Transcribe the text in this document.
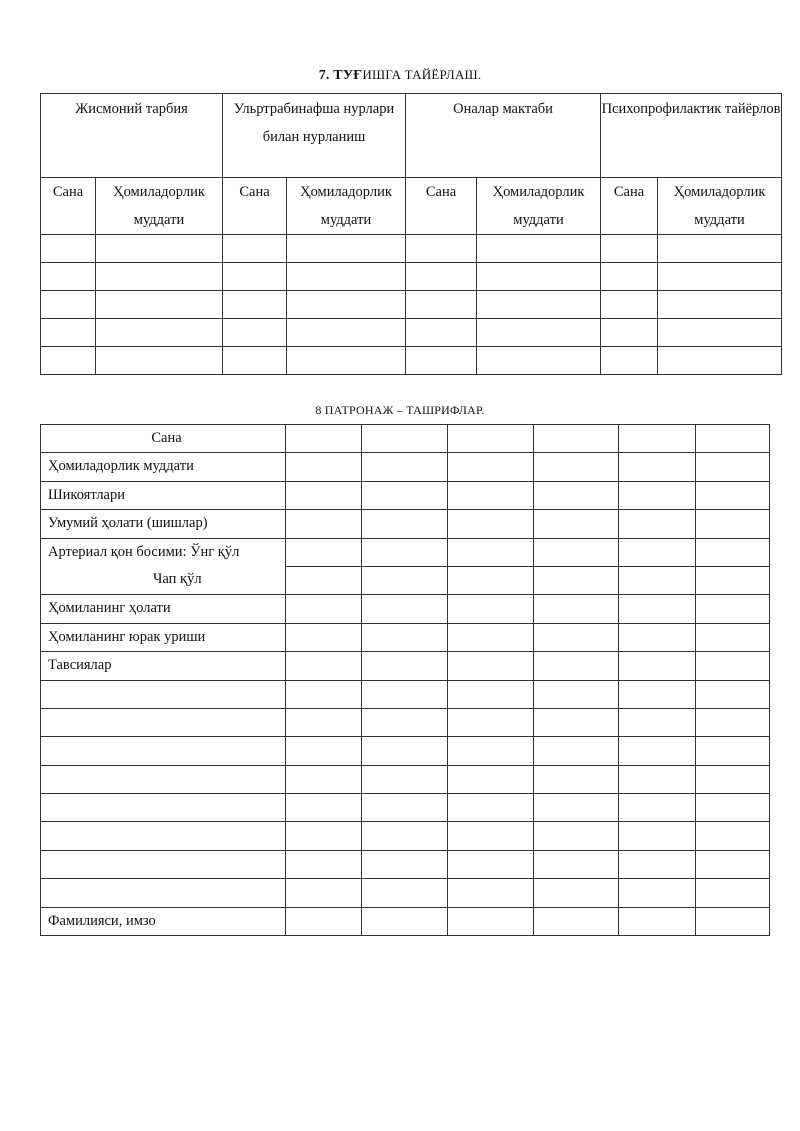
7. ТУҒИШГА ТАЙЁРЛАШ.
Жисмоний тарбия		Ульртрабинафша нурлари билан нурланиш		Оналар мактаби		Психопрофилактик тайёрлов	
Сана	Ҳомиладорлик муддати	Сана	Ҳомиладорлик муддати	Сана	Ҳомиладорлик муддати	Сана	Ҳомиладорлик муддати

8 ПАТРОНАЖ – ТАШРИФЛАР.
Сана						
Ҳомиладорлик муддати						
Шикоятлари						
Умумий ҳолати (шишлар)						
Артериал қон босими: Ўнг қўл						
Чап қўл						
Ҳомиланинг ҳолати						
Ҳомиланинг юрак уриши						
Тавсиялар						

Фамилияси, имзо						
